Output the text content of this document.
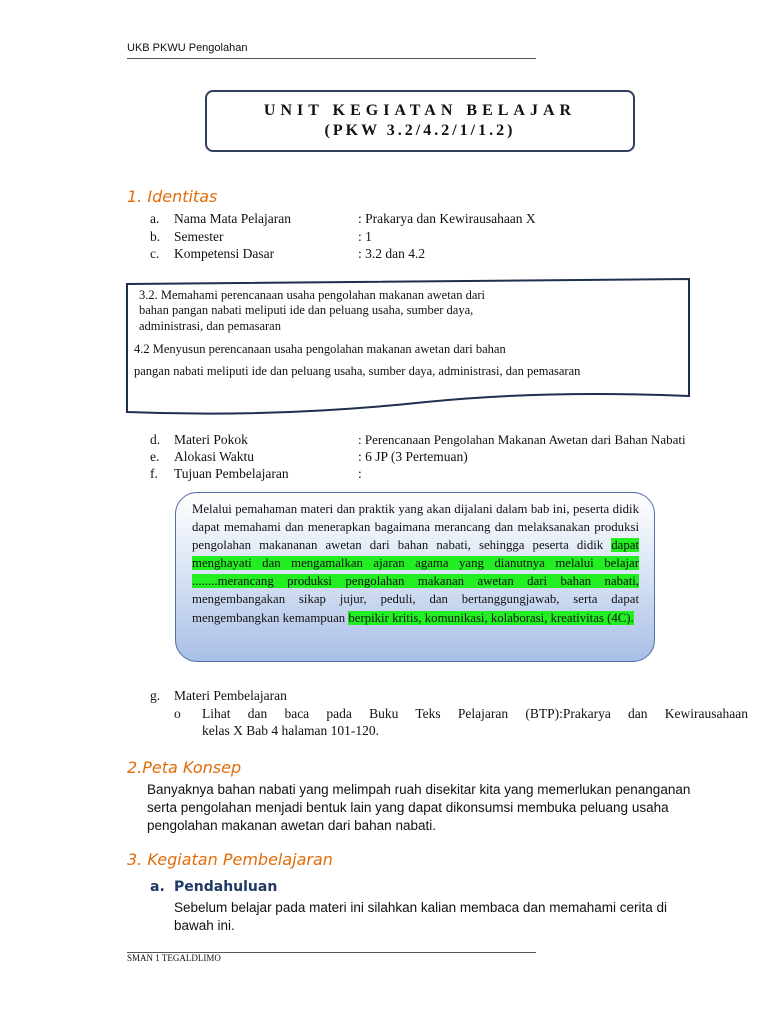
UKB PKWU Pengolahan
UNIT KEGIATAN BELAJAR
(PKW 3.2/4.2/1/1.2)
1. Identitas
a. Nama Mata Pelajaran	: Prakarya dan Kewirausahaan X
b. Semester	: 1
c. Kompetensi Dasar	: 3.2 dan 4.2
3.2. Memahami perencanaan usaha pengolahan makanan awetan dari
bahan pangan nabati meliputi ide dan peluang usaha, sumber daya,
administrasi, dan pemasaran
4.2 Menyusun perencanaan usaha pengolahan makanan awetan dari bahan
pangan nabati meliputi ide dan peluang usaha, sumber daya, administrasi, dan pemasaran
d. Materi Pokok	: Perencanaan Pengolahan Makanan Awetan dari Bahan Nabati
e. Alokasi Waktu	: 6 JP (3 Pertemuan)
f. Tujuan Pembelajaran	:
Melalui pemahaman materi dan praktik yang akan dijalani dalam bab ini, peserta didik dapat memahami dan menerapkan bagaimana merancang dan melaksanakan produksi pengolahan makananan awetan dari bahan nabati, sehingga peserta didik dapat menghayati dan mengamalkan ajaran agama yang dianutnya melalui belajar ........merancang produksi pengolahan makanan awetan dari bahan nabati, mengembangakan sikap jujur, peduli, dan bertanggungjawab, serta dapat mengembangkan kemampuan berpikir kritis, komunikasi, kolaborasi, kreativitas (4C).
g. Materi Pembelajaran
o Lihat dan baca pada Buku Teks Pelajaran (BTP):Prakarya dan Kewirausahaan
kelas X Bab 4 halaman 101-120.
2.Peta Konsep
Banyaknya bahan nabati yang melimpah ruah disekitar kita yang memerlukan penanganan
serta pengolahan menjadi bentuk lain yang dapat dikonsumsi membuka peluang usaha
pengolahan makanan awetan dari bahan nabati.
3. Kegiatan Pembelajaran
a. Pendahuluan
Sebelum belajar pada materi ini silahkan kalian membaca dan memahami cerita di
bawah ini.
SMAN 1 TEGALDLIMO
